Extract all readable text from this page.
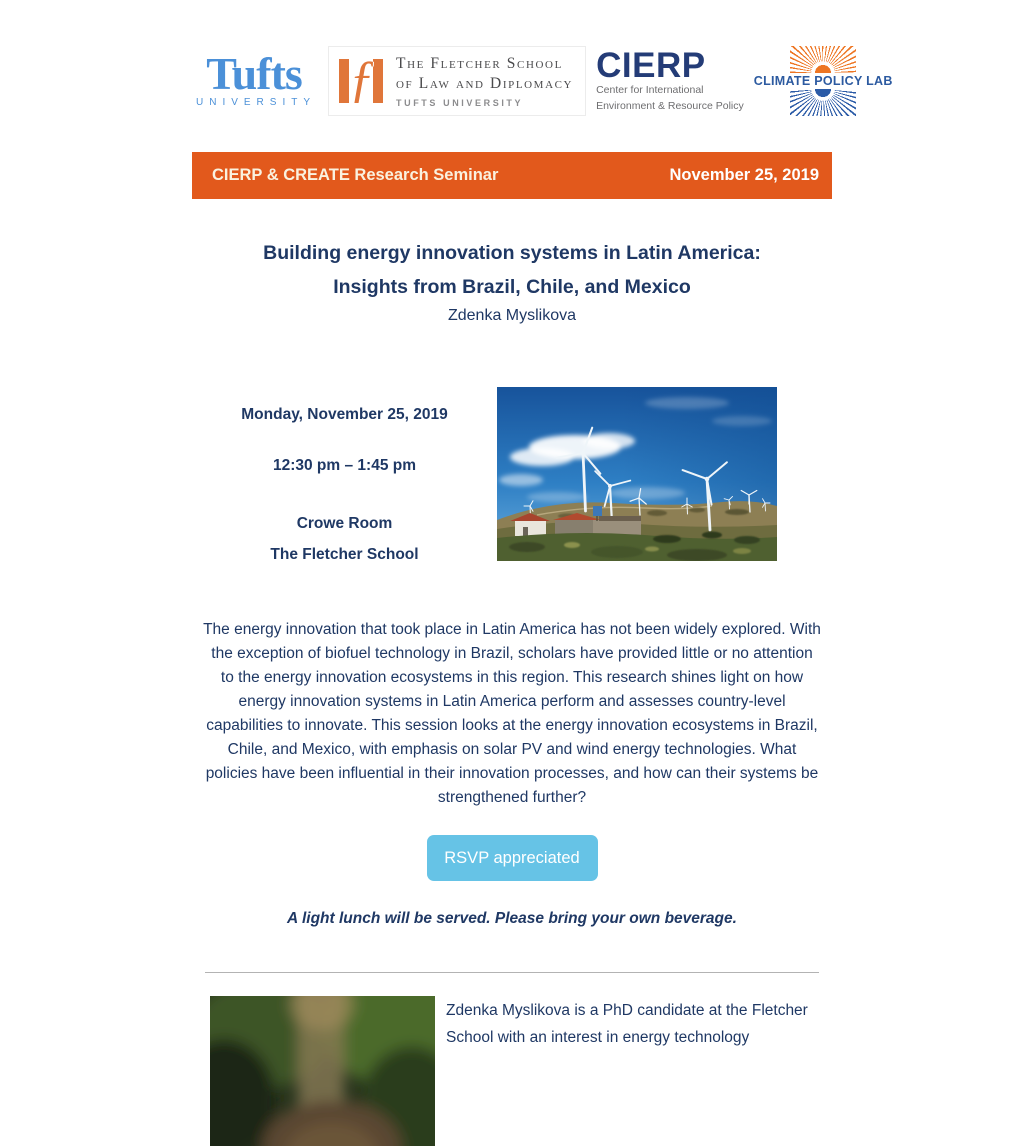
Tufts
UNIVERSITY ƒ	The Fletcher School
of Law and Diplomacy
TUFTS UNIVERSITY
CIERP
Center for International
Environment & Resource Policy
CLIMATE POLICY LAB
CIERP & CREATE Research Seminar	November 25, 2019
Building energy innovation systems in Latin America: Insights from Brazil, Chile, and Mexico
Zdenka Myslikova
Monday, November 25, 2019
12:30 pm – 1:45 pm
Crowe Room
The Fletcher School
The energy innovation that took place in Latin America has not been widely explored. With the exception of biofuel technology in Brazil, scholars have provided little or no attention to the energy innovation ecosystems in this region. This research shines light on how energy innovation systems in Latin America perform and assesses country-level capabilities to innovate. This session looks at the energy innovation ecosystems in Brazil, Chile, and Mexico, with emphasis on solar PV and wind energy technologies. What policies have been influential in their innovation processes, and how can their systems be strengthened further?
RSVP appreciated
A light lunch will be served. Please bring your own beverage.
Zdenka Myslikova is a PhD candidate at the Fletcher School with an interest in energy technology
